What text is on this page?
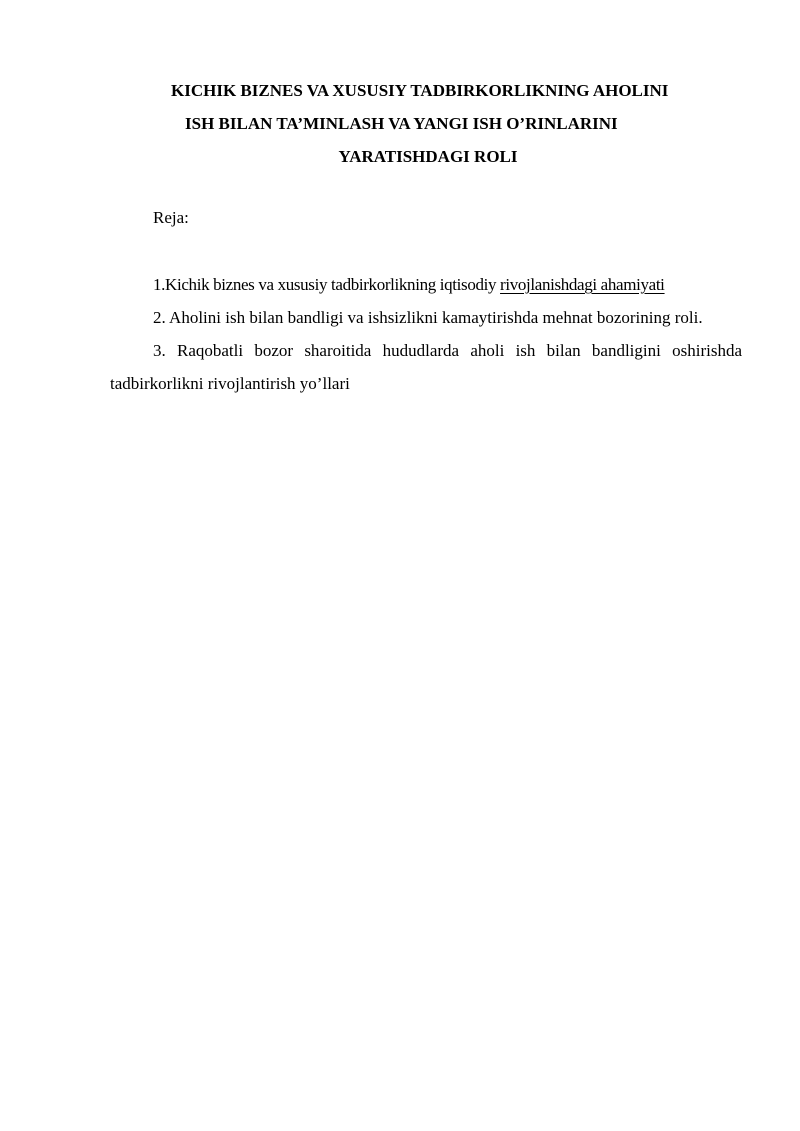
KICHIK BIZNES VA XUSUSIY TADBIRKORLIKNING AHOLINI
ISH BILAN TA’MINLASH VA YANGI ISH O’RINLARINI
YARATISHDAGI ROLI
Reja:

1.Kichik biznes va xususiy tadbirkorlikning iqtisodiy rivojlanishdagi ahamiyati

2. Aholini ish bilan bandligi va ishsizlikni kamaytirishda mehnat bozorining roli.

3. Raqobatli bozor sharoitida hududlarda aholi ish bilan bandligini oshirishda tadbirkorlikni rivojlantirish yo’llari
